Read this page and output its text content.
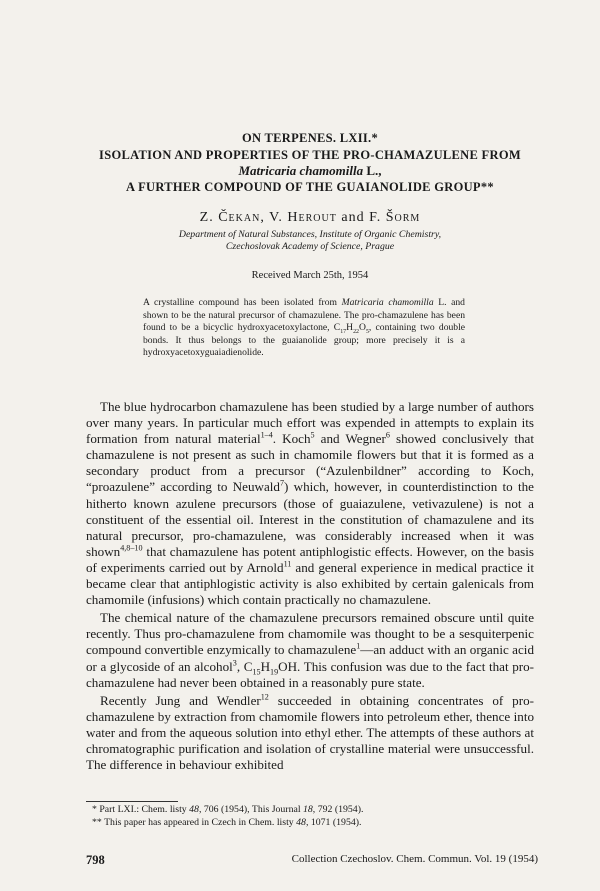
ON TERPENES. LXII.*
ISOLATION AND PROPERTIES OF THE PRO-CHAMAZULENE FROM
Matricaria chamomilla L.,
A FURTHER COMPOUND OF THE GUAIANOLIDE GROUP**
Z. Čekan, V. Herout and F. Šorm
Department of Natural Substances, Institute of Organic Chemistry,
Czechoslovak Academy of Science, Prague
Received March 25th, 1954
A crystalline compound has been isolated from Matricaria chamomilla L. and shown to be the natural precursor of chamazulene. The pro-chamazulene has been found to be a bicyclic hydroxyacetoxylactone, $C_{17}H_{22}O_5$, containing two double bonds. It thus belongs to the guaianolide group; more precisely it is a hydroxyacetoxyguaiadienolide.

The blue hydrocarbon chamazulene has been studied by a large number of authors over many years. In particular much effort was expended in attempts to explain its formation from natural material$^{1-4}$. Koch$^5$ and Wegner$^6$ showed conclusively that chamazulene is not present as such in chamomile flowers but that it is formed as a secondary product from a precursor (“Azulenbildner” according to Koch, “proazulene” according to Neuwald$^7$) which, however, in counterdistinction to the hitherto known azulene precursors (those of guaiazulene, vetivazulene) is not a constituent of the essential oil. Interest in the constitution of chamazulene and its natural precursor, pro-chamazulene, was considerably increased when it was shown$^{4,8-10}$ that chamazulene has potent antiphlogistic effects. However, on the basis of experiments carried out by Arnold$^{11}$ and general experience in medical practice it became clear that antiphlogistic activity is also exhibited by certain galenicals from chamomile (infusions) which contain practically no chamazulene.

The chemical nature of the chamazulene precursors remained obscure until quite recently. Thus pro-chamazulene from chamomile was thought to be a sesquiterpenic compound convertible enzymically to chamazulene$^1$—an adduct with an organic acid or a glycoside of an alcohol$^3$, $C_{15}H_{19}OH$. This confusion was due to the fact that pro-chamazulene had never been obtained in a reasonably pure state.

Recently Jung and Wendler$^{12}$ succeeded in obtaining concentrates of pro-chamazulene by extraction from chamomile flowers into petroleum ether, thence into water and from the aqueous solution into ethyl ether. The attempts of these authors at chromatographic purification and isolation of crystalline material were unsuccessful. The difference in behaviour exhibited

* Part LXI.: Chem. listy 48, 706 (1954), This Journal 18, 792 (1954).
** This paper has appeared in Czech in Chem. listy 48, 1071 (1954).
798	Collection Czechoslov. Chem. Commun. Vol. 19 (1954)
